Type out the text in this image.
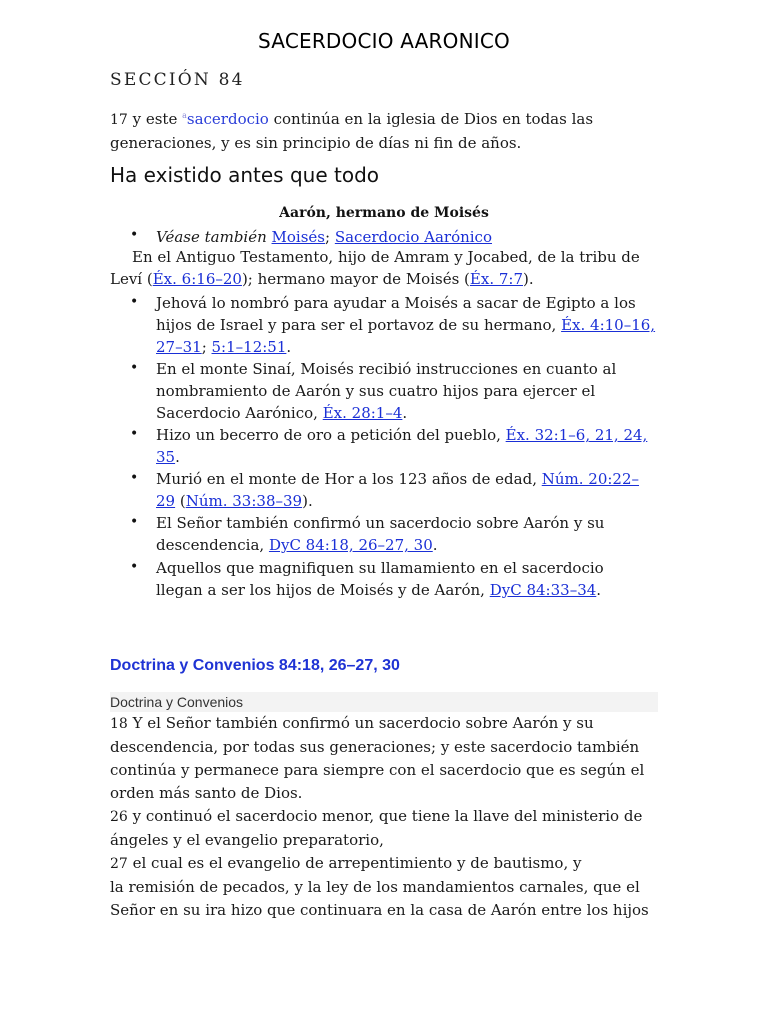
SACERDOCIO AARONICO
SECCIÓN 84
17 y este $^a$sacerdocio continúa en la iglesia de Dios en todas las
generaciones, y es sin principio de días ni fin de años.
Ha existido antes que todo
Aarón, hermano de Moisés
• Véase también Moisés; Sacerdocio Aarónico
En el Antiguo Testamento, hijo de Amram y Jocabed, de la tribu de
Leví (Éx. 6:16–20); hermano mayor de Moisés (Éx. 7:7).
• Jehová lo nombró para ayudar a Moisés a sacar de Egipto a los
hijos de Israel y para ser el portavoz de su hermano, Éx. 4:10–16,
27–31; 5:1–12:51.
• En el monte Sinaí, Moisés recibió instrucciones en cuanto al
nombramiento de Aarón y sus cuatro hijos para ejercer el
Sacerdocio Aarónico, Éx. 28:1–4.
• Hizo un becerro de oro a petición del pueblo, Éx. 32:1–6, 21, 24,
35.
• Murió en el monte de Hor a los 123 años de edad, Núm. 20:22–
29 (Núm. 33:38–39).
• El Señor también confirmó un sacerdocio sobre Aarón y su
descendencia, DyC 84:18, 26–27, 30.
• Aquellos que magnifiquen su llamamiento en el sacerdocio
llegan a ser los hijos de Moisés y de Aarón, DyC 84:33–34.
Doctrina y Convenios 84:18, 26–27, 30
Doctrina y Convenios
18 Y el Señor también confirmó un sacerdocio sobre Aarón y su
descendencia, por todas sus generaciones; y este sacerdocio también
continúa y permanece para siempre con el sacerdocio que es según el
orden más santo de Dios.
26 y continuó el sacerdocio menor, que tiene la llave del ministerio de
ángeles y el evangelio preparatorio,
27 el cual es el evangelio de arrepentimiento y de bautismo, y
la remisión de pecados, y la ley de los mandamientos carnales, que el
Señor en su ira hizo que continuara en la casa de Aarón entre los hijos
